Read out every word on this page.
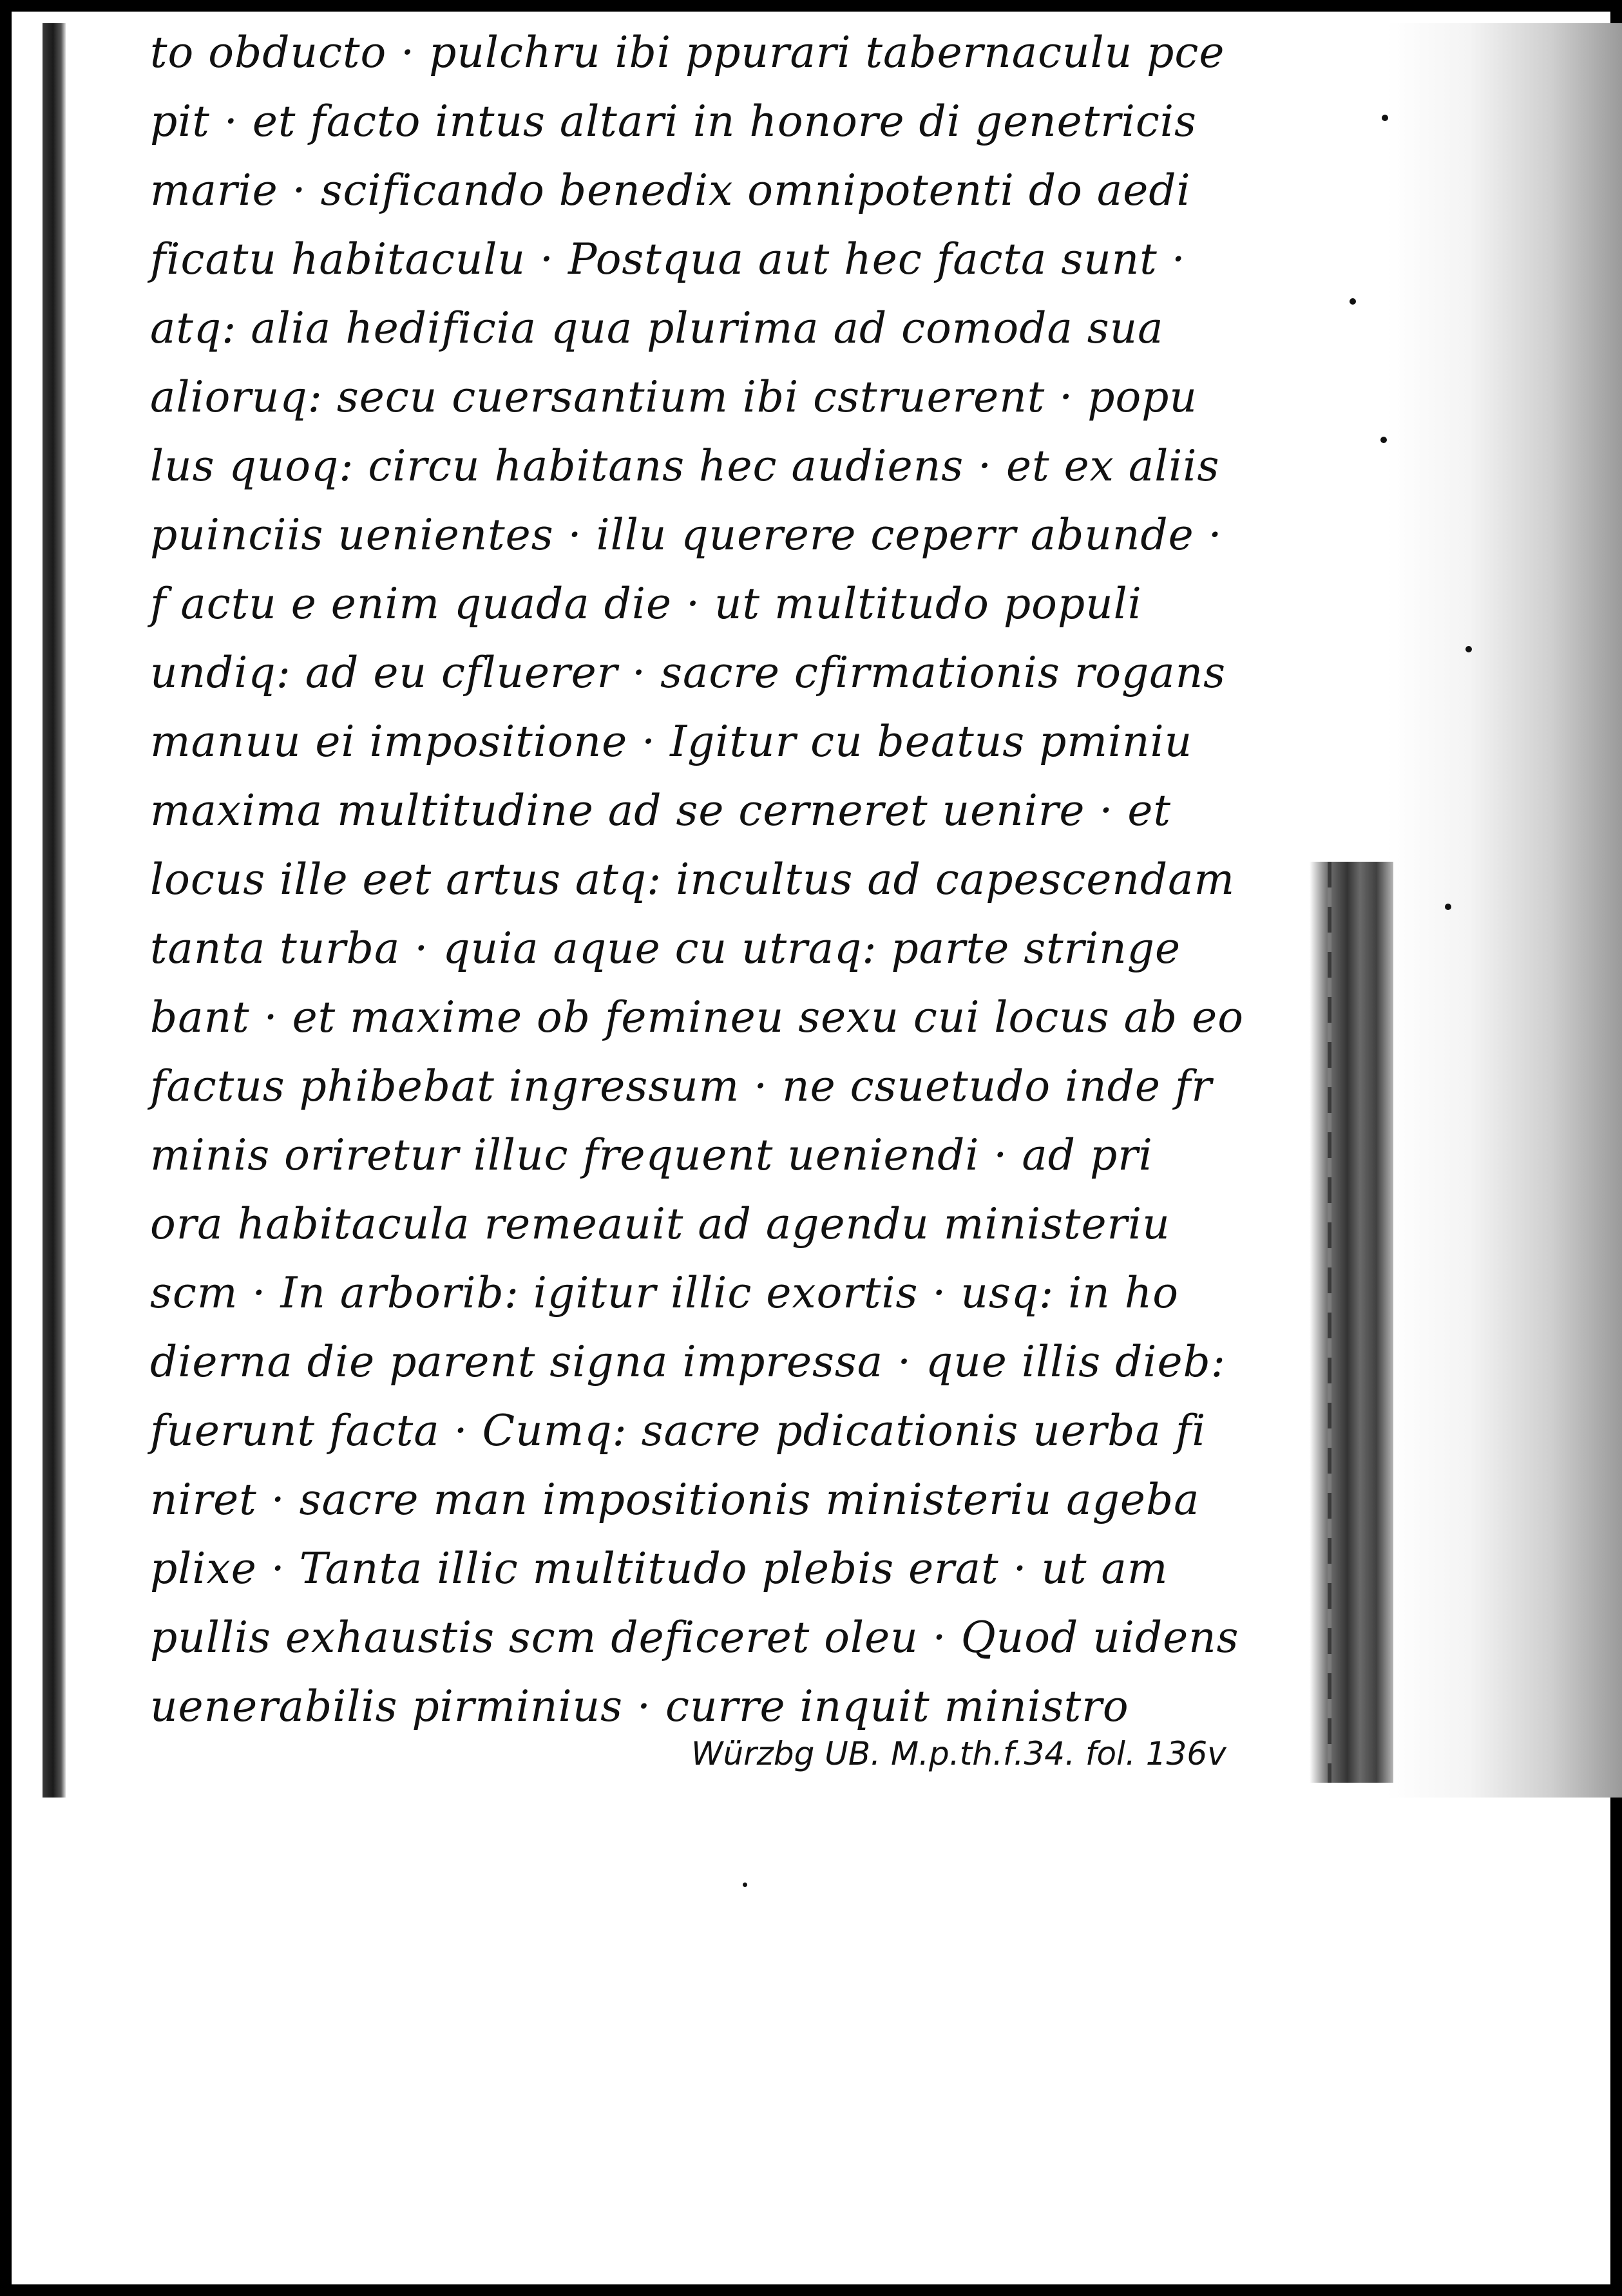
to obducto · pulchru ibi ppurari tabernaculu pce
pit · et facto intus altari in honore di genetricis
marie · scificando benedix omnipotenti do aedi
ficatu habitaculu · Postqua aut hec facta sunt ·
atq: alia hedificia qua plurima ad comoda sua
alioruq: secu cuersantium ibi cstruerent · popu
lus quoq: circu habitans hec audiens · et ex aliis
puinciis uenientes · illu querere ceperr abunde ·
f actu e enim quada die · ut multitudo populi
undiq: ad eu cfluerer · sacre cfirmationis rogans
manuu ei impositione · Igitur cu beatus pminiu
maxima multitudine ad se cerneret uenire · et
locus ille eet artus atq: incultus ad capescendam
tanta turba · quia aque cu utraq: parte stringe
bant · et maxime ob femineu sexu cui locus ab eo
factus phibebat ingressum · ne csuetudo inde fr
minis oriretur illuc frequent ueniendi · ad pri
ora habitacula remeauit ad agendu ministeriu
scm · In arborib: igitur illic exortis · usq: in ho
dierna die parent signa impressa · que illis dieb:
fuerunt facta · Cumq: sacre pdicationis uerba fi
niret · sacre man impositionis ministeriu ageba
plixe · Tanta illic multitudo plebis erat · ut am
pullis exhaustis scm deficeret oleu · Quod uidens
uenerabilis pirminius · curre inquit ministro
Würzbg UB. M.p.th.f.34. fol. 136v
